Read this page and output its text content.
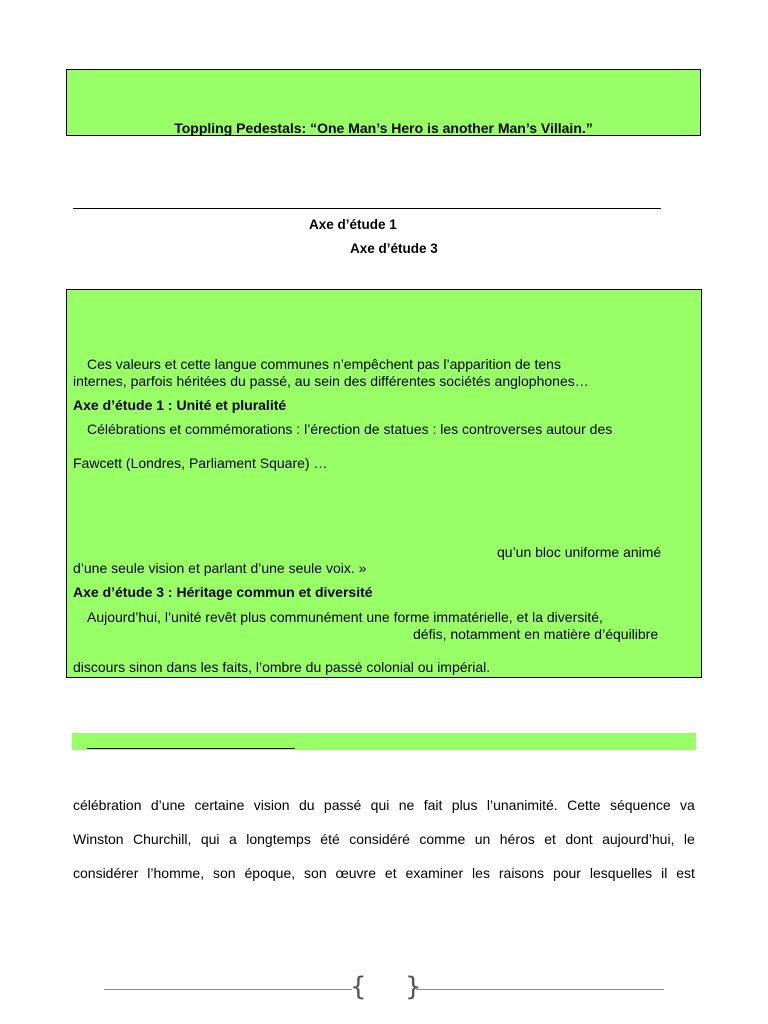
Toppling Pedestals: “One Man’s Hero is another Man’s Villain.”
Axe d’étude 1
Axe d’étude 3
Ces valeurs et cette langue communes n’empêchent pas l’apparition de tens
internes, parfois héritées du passé, au sein des différentes sociétés anglophones…
Axe d’étude 1 : Unité et pluralité
Célébrations et commémorations : l’érection de statues : les controverses autour des
Fawcett (Londres, Parliament Square) …
qu’un bloc uniforme animé
d’une seule vision et parlant d’une seule voix. »
Axe d’étude 3 : Héritage commun et diversité
Aujourd’hui, l’unité revêt plus communément une forme immatérielle, et la diversité,
défis, notamment en matière d’équilibre
discours sinon dans les faits, l’ombre du passé colonial ou impérial.
célébration d’une certaine vision du passé qui ne fait plus l’unanimité. Cette séquence va
Winston Churchill, qui a longtemps été considéré comme un héros et dont aujourd’hui, le
considérer l’homme, son époque, son œuvre et examiner les raisons pour lesquelles il est
{ }
